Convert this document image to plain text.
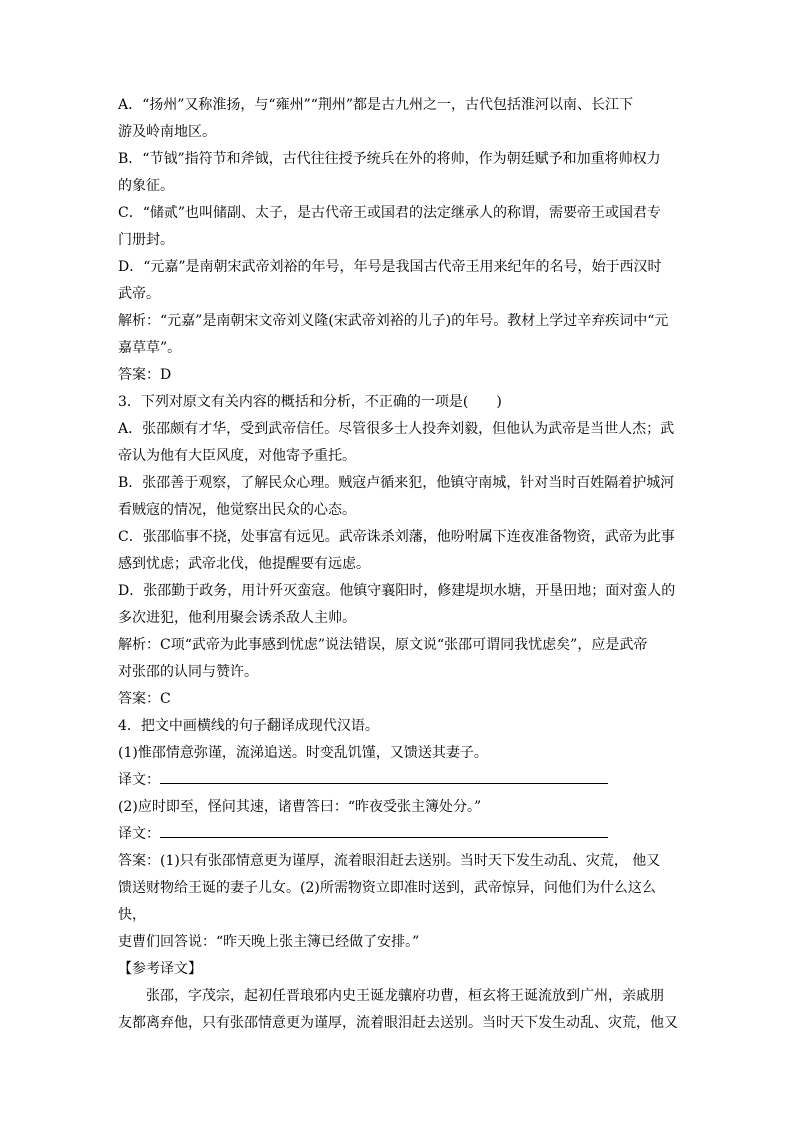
A．“扬州”又称淮扬，与“雍州”“荆州”都是古九州之一，古代包括淮河以南、长江下

游及岭南地区。

B．“节钺”指符节和斧钺，古代往往授予统兵在外的将帅，作为朝廷赋予和加重将帅权力

的象征。

C．“储贰”也叫储副、太子，是古代帝王或国君的法定继承人的称谓，需要帝王或国君专

门册封。

D．“元嘉”是南朝宋武帝刘裕的年号，年号是我国古代帝王用来纪年的名号，始于西汉时

武帝。

解析：“元嘉”是南朝宋文帝刘义隆(宋武帝刘裕的儿子)的年号。教材上学过辛弃疾词中“元

嘉草草”。

答案：D

3．下列对原文有关内容的概括和分析，不正确的一项是(　　)

A．张邵颇有才华，受到武帝信任。尽管很多士人投奔刘毅，但他认为武帝是当世人杰；武

帝认为他有大臣风度，对他寄予重托。

B．张邵善于观察，了解民众心理。贼寇卢循来犯，他镇守南城，针对当时百姓隔着护城河

看贼寇的情况，他觉察出民众的心态。

C．张邵临事不挠，处事富有远见。武帝诛杀刘藩，他吩咐属下连夜准备物资，武帝为此事

感到忧虑；武帝北伐，他提醒要有远虑。

D．张邵勤于政务，用计歼灭蛮寇。他镇守襄阳时，修建堤坝水塘，开垦田地；面对蛮人的

多次进犯，他利用聚会诱杀敌人主帅。

解析：C项“武帝为此事感到忧虑”说法错误，原文说“张邵可谓同我忧虑矣”，应是武帝

对张邵的认同与赞许。

答案：C

4．把文中画横线的句子翻译成现代汉语。

(1)惟邵情意弥谨，流涕追送。时变乱饥馑，又馈送其妻子。

译文：

(2)应时即至，怪问其速，诸曹答曰：“昨夜受张主簿处分。”

译文：

答案：(1)只有张邵情意更为谨厚，流着眼泪赶去送别。当时天下发生动乱、灾荒， 他又

馈送财物给王诞的妻子儿女。(2)所需物资立即准时送到，武帝惊异，问他们为什么这么快，

吏曹们回答说：“昨天晚上张主簿已经做了安排。”

【参考译文】

张邵，字茂宗，起初任晋琅邪内史王诞龙骧府功曹，桓玄将王诞流放到广州，亲戚朋

友都离弃他，只有张邵情意更为谨厚，流着眼泪赶去送别。当时天下发生动乱、灾荒，他又
